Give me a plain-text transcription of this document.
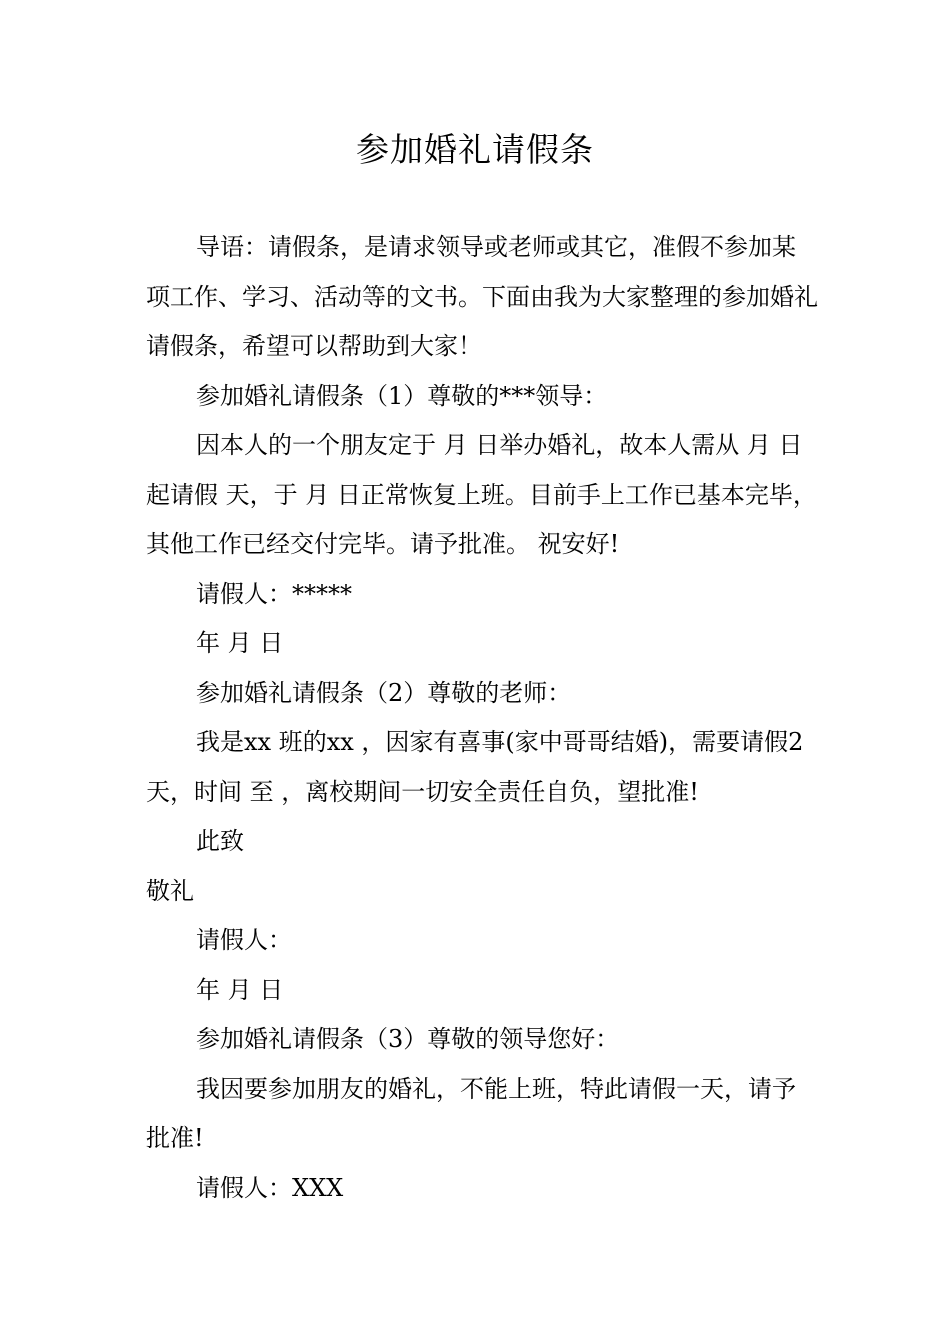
参加婚礼请假条

导语：请假条，是请求领导或老师或其它，准假不参加某项工作、学习、活动等的文书。下面由我为大家整理的参加婚礼请假条，希望可以帮助到大家！

参加婚礼请假条（1）尊敬的***领导：

因本人的一个朋友定于 月 日举办婚礼，故本人需从 月 日起请假 天，于 月 日正常恢复上班。目前手上工作已基本完毕，其他工作已经交付完毕。请予批准。 祝安好!

请假人：*****

年 月 日

参加婚礼请假条（2）尊敬的老师：

我是xx 班的xx ，因家有喜事(家中哥哥结婚)，需要请假2天，时间 至 ，离校期间一切安全责任自负，望批准!

此致

敬礼

请假人：

年 月 日

参加婚礼请假条（3）尊敬的领导您好：

我因要参加朋友的婚礼，不能上班，特此请假一天，请予批准!

请假人：XXX
